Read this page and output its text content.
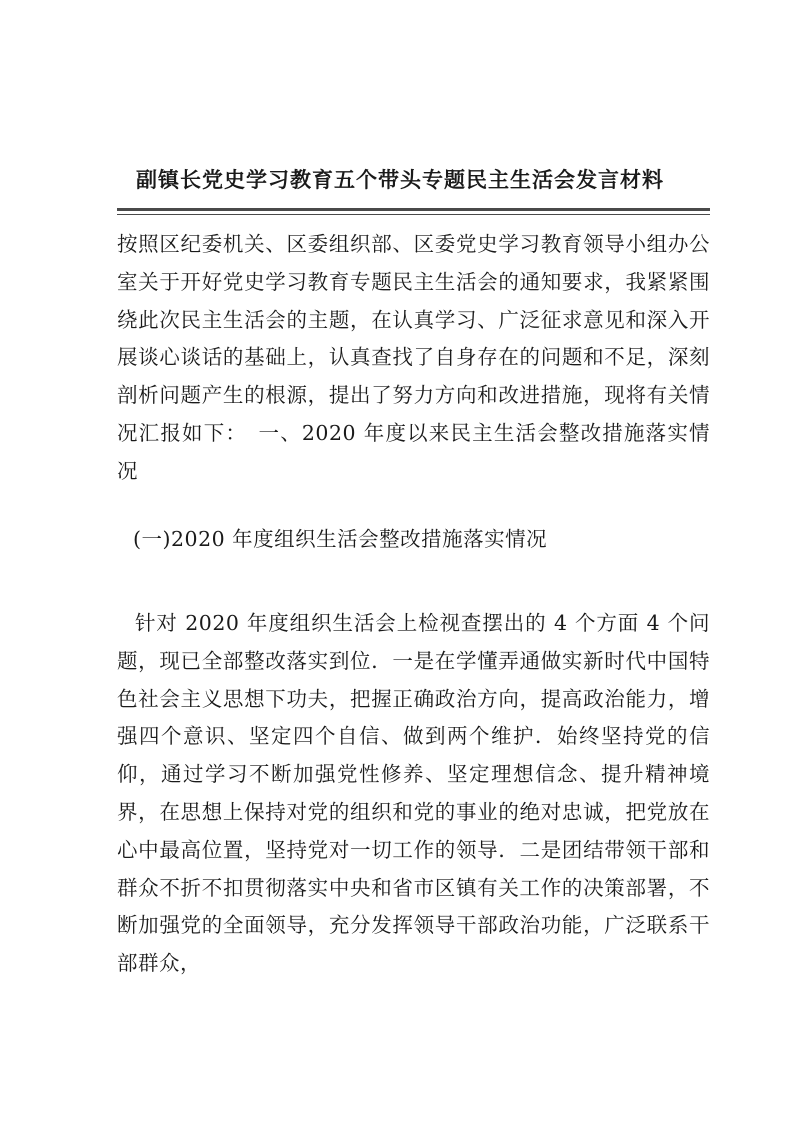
副镇长党史学习教育五个带头专题民主生活会发言材料

按照区纪委机关、区委组织部、区委党史学习教育领导小组办公室关于开好党史学习教育专题民主生活会的通知要求，我紧紧围绕此次民主生活会的主题，在认真学习、广泛征求意见和深入开展谈心谈话的基础上，认真查找了自身存在的问题和不足，深刻剖析问题产生的根源，提出了努力方向和改进措施，现将有关情况汇报如下：　一、2020 年度以来民主生活会整改措施落实情况

(一)2020 年度组织生活会整改措施落实情况

针对 2020 年度组织生活会上检视查摆出的 4 个方面 4 个问题，现已全部整改落实到位．一是在学懂弄通做实新时代中国特色社会主义思想下功夫，把握正确政治方向，提高政治能力，增强四个意识、坚定四个自信、做到两个维护．始终坚持党的信仰，通过学习不断加强党性修养、坚定理想信念、提升精神境界，在思想上保持对党的组织和党的事业的绝对忠诚，把党放在心中最高位置，坚持党对一切工作的领导．二是团结带领干部和群众不折不扣贯彻落实中央和省市区镇有关工作的决策部署，不断加强党的全面领导，充分发挥领导干部政治功能，广泛联系干部群众，
